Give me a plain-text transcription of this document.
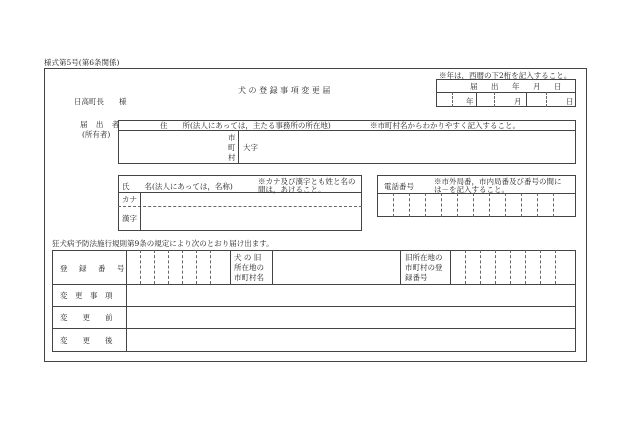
様式第5号(第6条関係)
※年は，西暦の下2桁を記入すること。
犬 の 登 録 事 項 変 更 届
日高町長　　様
届　出　年　月　日
年	月	日
届 出 者
(所有者)
住　　所(法人にあっては，主たる事務所の所在地)	※市町村名からわかりやすく記入すること。
市
町　大字
村
氏　　名(法人にあっては，名称)
※カナ及び漢字とも姓と名の
間は，あけること。
カナ
漢字
電話番号
※市外局番，市内局番及び番号の間に
は－を記入すること。
狂犬病予防法施行規則第9条の規定により次のとおり届け出ます。
登　録　番　号
犬 の 旧
所在地の
市町村名
旧所在地の
市町村の登
録番号
変　更　事　項
変　　更　　前
変　　更　　後
